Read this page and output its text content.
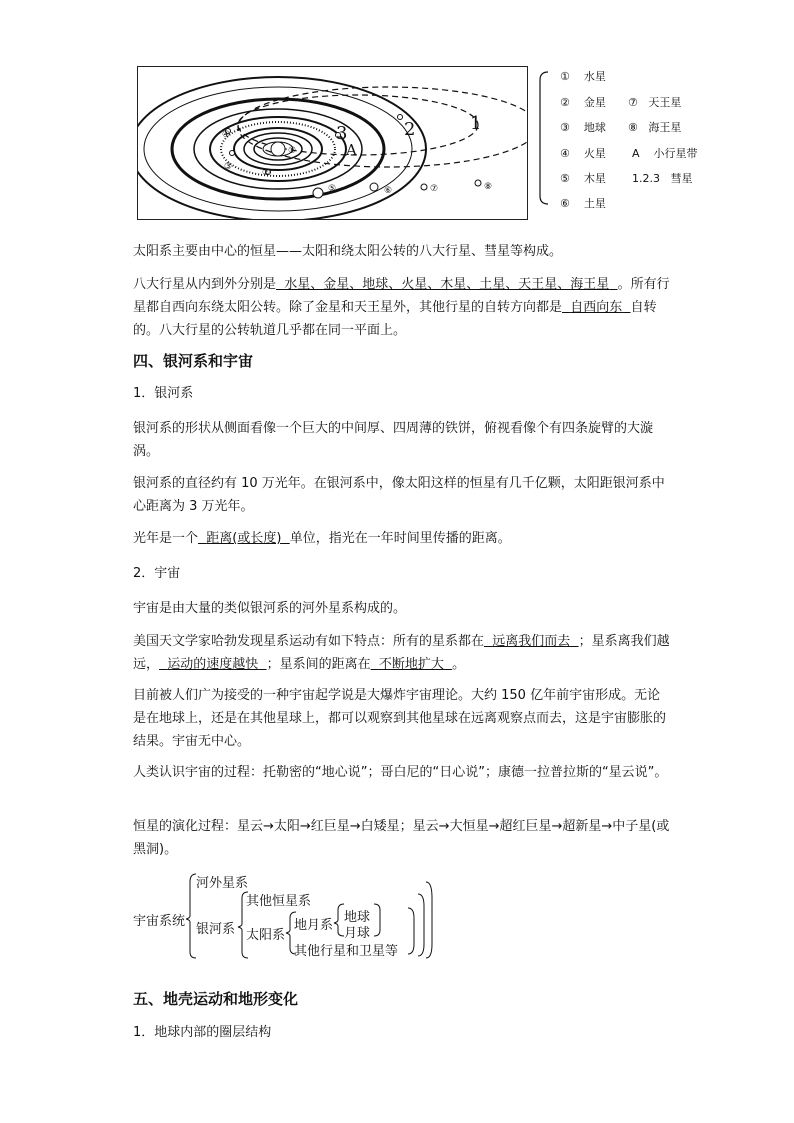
1
2
3
A
①
②
③
④
⑤	⑥	⑦	⑧
① 水星
② 金星
③ 地球
④ 火星
⑤ 木星
⑥ 土星
⑦ 天王星
⑧ 海王星
A 小行星带
1.2.3 彗星
太阳系主要由中心的恒星——太阳和绕太阳公转的八大行星、彗星等构成。
八大行星从内到外分别是 水星、金星、地球、火星、木星、土星、天王星、海王星 。所有行星都自西向东绕太阳公转。除了金星和天王星外，其他行星的自转方向都是 自西向东 自转的。八大行星的公转轨道几乎都在同一平面上。
四、银河系和宇宙
1．银河系
银河系的形状从侧面看像一个巨大的中间厚、四周薄的铁饼，俯视看像个有四条旋臂的大漩涡。
银河系的直径约有 10 万光年。在银河系中，像太阳这样的恒星有几千亿颗，太阳距银河系中心距离为 3 万光年。
光年是一个 距离(或长度) 单位，指光在一年时间里传播的距离。
2．宇宙
宇宙是由大量的类似银河系的河外星系构成的。
美国天文学家哈勃发现星系运动有如下特点：所有的星系都在 远离我们而去 ；星系离我们越远， 运动的速度越快 ；星系间的距离在 不断地扩大 。
目前被人们广为接受的一种宇宙起学说是大爆炸宇宙理论。大约 150 亿年前宇宙形成。无论是在地球上，还是在其他星球上，都可以观察到其他星球在远离观察点而去，这是宇宙膨胀的结果。宇宙无中心。
人类认识宇宙的过程：托勒密的“地心说”；哥白尼的“日心说”；康德一拉普拉斯的“星云说”。
恒星的演化过程：星云→太阳→红巨星→白矮星；星云→大恒星→超红巨星→超新星→中子星(或黑洞)。
宇宙系统
河外星系
银河系
其他恒星系
太阳系
地月系
地球
月球
其他行星和卫星等
五、地壳运动和地形变化
1．地球内部的圈层结构
